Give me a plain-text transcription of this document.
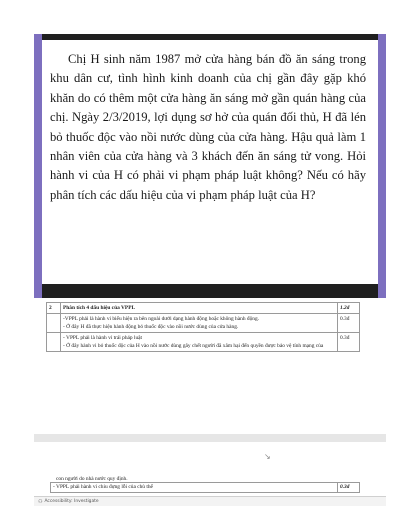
Chị H sinh năm 1987 mở cửa hàng bán đồ ăn sáng trong khu dân cư, tình hình kinh doanh của chị gần đây gặp khó khăn do có thêm một cửa hàng ăn sáng mở gần quán hàng của chị. Ngày 2/3/2019, lợi dụng sơ hở của quán đối thủ, H đã lén bỏ thuốc độc vào nồi nước dùng của cửa hàng. Hậu quả làm 1 nhân viên của cửa hàng và 3 khách đến ăn sáng tử vong. Hỏi hành vi của H có phải vi phạm pháp luật không? Nếu có hãy phân tích các dấu hiệu của vi phạm pháp luật của H?

2	Phân tích 4 dấu hiệu của VPPL	1.2đ

	-VPPL phải là hành vi biểu hiện ra bên ngoài dưới dạng hành động hoặc không hành động.
- Ở đây H đã thực hiện hành động bỏ thuốc độc vào nồi nước dùng của cửa hàng.	0.3đ

	- VPPL phải là hành vi trái pháp luật
- Ở đây hành vi bỏ thuốc độc của H vào nồi nước dùng gây chết người đã xâm hại đến quyền được bảo vệ tính mạng của	0.3đ
↘
con người do nhà nước quy định.
- VPPL phải hành vi chiu đựng lỗi của chủ thể	0.3đ
⚇ Accessibility: Investigate
